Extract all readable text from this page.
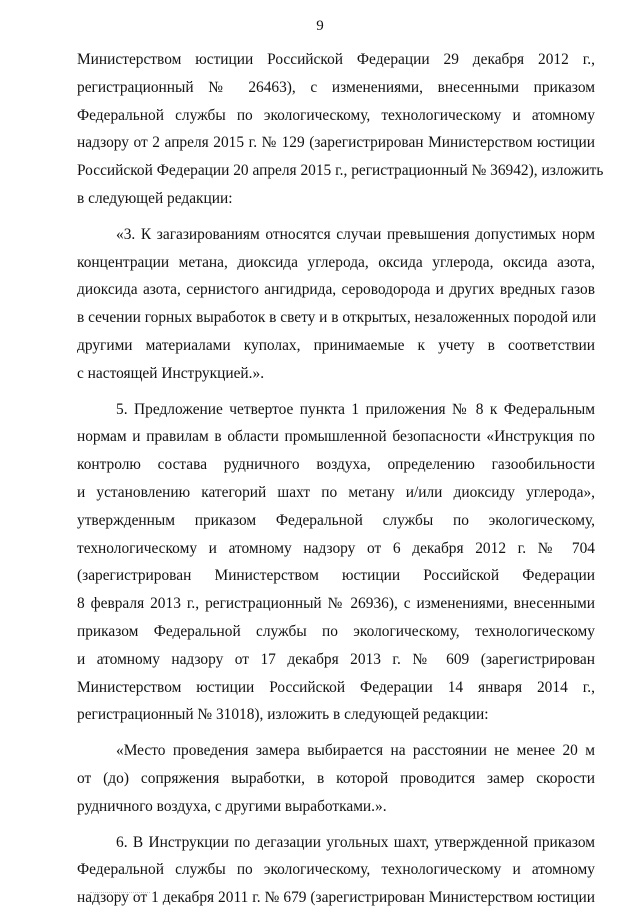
9
Министерством юстиции Российской Федерации 29 декабря 2012 г.,
регистрационный № 26463), с изменениями, внесенными приказом
Федеральной службы по экологическому, технологическому и атомному
надзору от 2 апреля 2015 г. № 129 (зарегистрирован Министерством юстиции
Российской Федерации 20 апреля 2015 г., регистрационный № 36942), изложить
в следующей редакции:
«3. К загазированиям относятся случаи превышения допустимых норм
концентрации метана, диоксида углерода, оксида углерода, оксида азота,
диоксида азота, сернистого ангидрида, сероводорода и других вредных газов
в сечении горных выработок в свету и в открытых, незаложенных породой или
другими материалами куполах, принимаемые к учету в соответствии
с настоящей Инструкцией.».
5. Предложение четвертое пункта 1 приложения № 8 к Федеральным
нормам и правилам в области промышленной безопасности «Инструкция по
контролю состава рудничного воздуха, определению газообильности
и установлению категорий шахт по метану и/или диоксиду углерода»,
утвержденным приказом Федеральной службы по экологическому,
технологическому и атомному надзору от 6 декабря 2012 г. № 704
(зарегистрирован Министерством юстиции Российской Федерации
8 февраля 2013 г., регистрационный № 26936), с изменениями, внесенными
приказом Федеральной службы по экологическому, технологическому
и атомному надзору от 17 декабря 2013 г. № 609 (зарегистрирован
Министерством юстиции Российской Федерации 14 января 2014 г.,
регистрационный № 31018), изложить в следующей редакции:
«Место проведения замера выбирается на расстоянии не менее 20 м
от (до) сопряжения выработки, в которой проводится замер скорости
рудничного воздуха, с другими выработками.».
6. В Инструкции по дегазации угольных шахт, утвержденной приказом
Федеральной службы по экологическому, технологическому и атомному
надзору от 1 декабря 2011 г. № 679 (зарегистрирован Министерством юстиции
